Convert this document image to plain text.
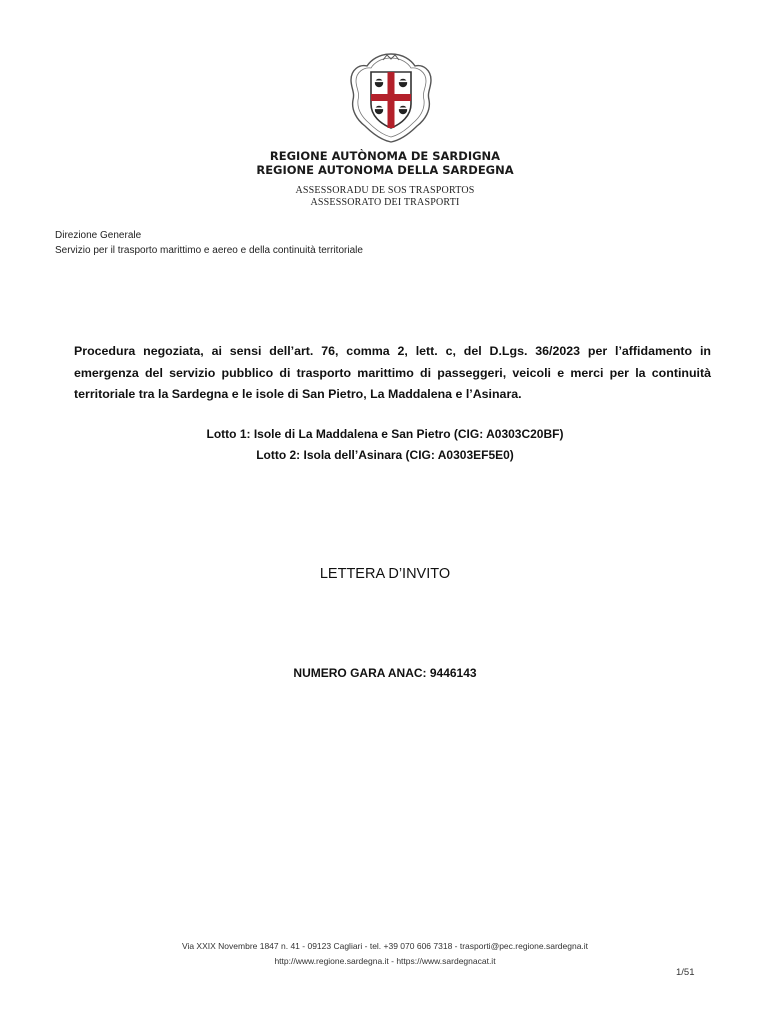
REGIONE AUTÒNOMA DE SARDIGNA
REGIONE AUTONOMA DELLA SARDEGNA
ASSESSORADU DE SOS TRASPORTOS
ASSESSORATO DEI TRASPORTI
Direzione Generale
Servizio per il trasporto marittimo e aereo e della continuità territoriale

Procedura negoziata, ai sensi dell’art. 76, comma 2, lett. c, del D.Lgs. 36/2023 per l’affidamento in emergenza del servizio pubblico di trasporto marittimo di passeggeri, veicoli e merci per la continuità territoriale tra la Sardegna e le isole di San Pietro, La Maddalena e l’Asinara.

Lotto 1: Isole di La Maddalena e San Pietro (CIG: A0303C20BF)
Lotto 2: Isola dell’Asinara (CIG: A0303EF5E0)
LETTERA D’INVITO
NUMERO GARA ANAC: 9446143
Via XXIX Novembre 1847 n. 41 - 09123 Cagliari - tel. +39 070 606 7318 - trasporti@pec.regione.sardegna.it
http://www.regione.sardegna.it - https://www.sardegnacat.it
1/51
